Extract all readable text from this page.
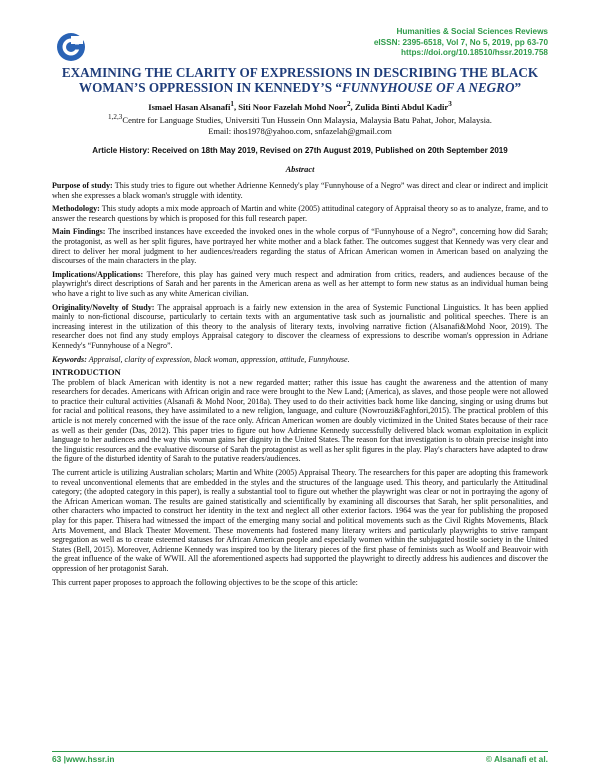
Humanities & Social Sciences Reviews
eISSN: 2395-6518, Vol 7, No 5, 2019, pp 63-70
https://doi.org/10.18510/hssr.2019.758
EXAMINING THE CLARITY OF EXPRESSIONS IN DESCRIBING THE BLACK WOMAN’S OPPRESSION IN KENNEDY’S “FUNNYHOUSE OF A NEGRO”
Ismael Hasan Alsanafi$^1$, Siti Noor Fazelah Mohd Noor$^2$, Zulida Binti Abdul Kadir$^3$
$^{1,2,3}$Centre for Language Studies, Universiti Tun Hussein Onn Malaysia, Malaysia Batu Pahat, Johor, Malaysia.
Email: ihos1978@yahoo.com, snfazelah@gmail.com
Article History: Received on 18th May 2019, Revised on 27th August 2019, Published on 20th September 2019
Abstract

Purpose of study: This study tries to figure out whether Adrienne Kennedy's play “Funnyhouse of a Negro” was direct and clear or indirect and implicit when she expresses a black woman's struggle with identity.

Methodology: This study adopts a mix mode approach of Martin and white (2005) attitudinal category of Appraisal theory so as to analyze, frame, and to answer the research questions by which is proposed for this full research paper.

Main Findings: The inscribed instances have exceeded the invoked ones in the whole corpus of “Funnyhouse of a Negro”, concerning how did Sarah; the protagonist, as well as her split figures, have portrayed her white mother and a black father. The outcomes suggest that Kennedy was very clear and direct to deliver her moral judgment to her audiences/readers regarding the status of African American women in American based on analyzing the discourses of the main characters in the play.

Implications/Applications: Therefore, this play has gained very much respect and admiration from critics, readers, and audiences because of the playwright's direct descriptions of Sarah and her parents in the American arena as well as her attempt to form new status as an individual human being who have a right to live such as any white American civilian.

Originality/Novelty of Study: The appraisal approach is a fairly new extension in the area of Systemic Functional Linguistics. It has been applied mainly to non-fictional discourse, particularly to certain texts with an argumentative task such as journalistic and political speeches. There is an increasing interest in the utilization of this theory to the analysis of literary texts, involving narrative fiction (Alsanafi&Mohd Noor, 2019). The researcher does not find any study employs Appraisal category to discover the clearness of expressions to describe woman's oppression in Adriane Kennedy's “Funnyhouse of a Negro”.

Keywords: Appraisal, clarity of expression, black woman, appression, attitude, Funnyhouse.

INTRODUCTION

The problem of black American with identity is not a new regarded matter; rather this issue has caught the awareness and the attention of many researchers for decades. Americans with African origin and race were brought to the New Land; (America), as slaves, and those people were not allowed to practice their cultural activities (Alsanafi & Mohd Noor, 2018a). They used to do their activities back home like dancing, singing or using drums but for racial and political reasons, they have assimilated to a new religion, language, and culture (Nowrouzi&Faghfori,2015). The practical problem of this article is not merely concerned with the issue of the race only. African American women are doubly victimized in the United States because of their race as well as their gender (Das, 2012). This paper tries to figure out how Adrienne Kennedy successfully delivered black woman exploitation in explicit language to her audiences and the way this woman gains her dignity in the United States. The reason for that investigation is to obtain precise insight into the linguistic resources and the evaluative discourse of Sarah the protagonist as well as her split figures in the play. Play's characters have adapted to draw the figure of the disturbed identity of Sarah to the putative readers/audiences.

The current article is utilizing Australian scholars; Martin and White (2005) Appraisal Theory. The researchers for this paper are adopting this framework to reveal unconventional elements that are embedded in the styles and the structures of the language used. This theory, and particularly the Attitudinal category; (the adopted category in this paper), is really a substantial tool to figure out whether the playwright was clear or not in portraying the agony of the African American woman. The results are gained statistically and scientifically by examining all discourses that Sarah, her split personalities, and other characters who impacted to construct her identity in the text and neglect all other exterior factors. 1964 was the year for publishing the proposed play for this paper. Thisera had witnessed the impact of the emerging many social and political movements such as the Civil Rights Movements, Black Arts Movement, and Black Theater Movement. These movements had fostered many literary writers and particularly playwrights to strive rampant segregation as well as to create esteemed statuses for African American people and especially women within the subjugated hostile society in the United States (Bell, 2015). Moreover, Adrienne Kennedy was inspired too by the literary pieces of the first phase of feminists such as Woolf and Beauvoir with the great influence of the wake of WWII. All the aforementioned aspects had supported the playwright to directly address his audiences and discover the oppression of her protagonist Sarah.

This current paper proposes to approach the following objectives to be the scope of this article:

63 |www.hssr.in	© Alsanafi et al.
